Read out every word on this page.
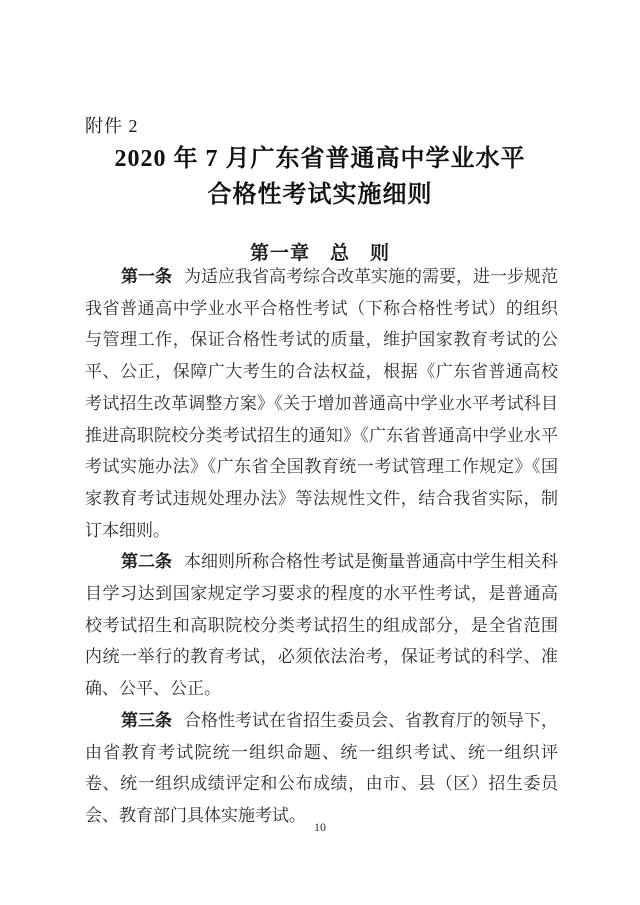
附件 2
2020 年 7 月广东省普通高中学业水平
合格性考试实施细则
第一章　总　则

第一条 为适应我省高考综合改革实施的需要，进一步规范我省普通高中学业水平合格性考试（下称合格性考试）的组织与管理工作，保证合格性考试的质量，维护国家教育考试的公平、公正，保障广大考生的合法权益，根据《广东省普通高校考试招生改革调整方案》《关于增加普通高中学业水平考试科目推进高职院校分类考试招生的通知》《广东省普通高中学业水平考试实施办法》《广东省全国教育统一考试管理工作规定》《国家教育考试违规处理办法》等法规性文件，结合我省实际，制订本细则。

第二条 本细则所称合格性考试是衡量普通高中学生相关科目学习达到国家规定学习要求的程度的水平性考试，是普通高校考试招生和高职院校分类考试招生的组成部分，是全省范围内统一举行的教育考试，必须依法治考，保证考试的科学、准确、公平、公正。

第三条 合格性考试在省招生委员会、省教育厅的领导下，由省教育考试院统一组织命题、统一组织考试、统一组织评卷、统一组织成绩评定和公布成绩，由市、县（区）招生委员会、教育部门具体实施考试。

10
